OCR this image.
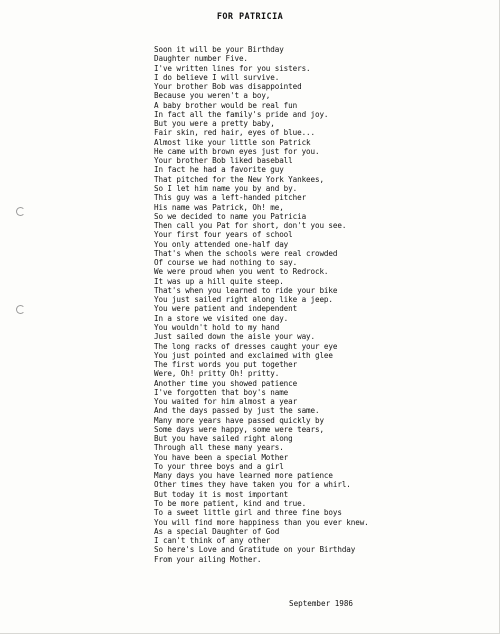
FOR PATRICIA
Soon it will be your Birthday
Daughter number Five.
I've written lines for you sisters.
I do believe I will survive.
Your brother Bob was disappointed
Because you weren't a boy,
A baby brother would be real fun
In fact all the family's pride and joy.
But you were a pretty baby,
Fair skin, red hair, eyes of blue...
Almost like your little son Patrick
He came with brown eyes just for you.
Your brother Bob liked baseball
In fact he had a favorite guy
That pitched for the New York Yankees,
So I let him name you by and by.
This guy was a left-handed pitcher
His name was Patrick, Oh! me,
So we decided to name you Patricia
Then call you Pat for short, don't you see.
Your first four years of school
You only attended one-half day
That's when the schools were real crowded
Of course we had nothing to say.
We were proud when you went to Redrock.
It was up a hill quite steep.
That's when you learned to ride your bike
You just sailed right along like a jeep.
You were patient and independent
In a store we visited one day.
You wouldn't hold to my hand
Just sailed down the aisle your way.
The long racks of dresses caught your eye
You just pointed and exclaimed with glee
The first words you put together
Were, Oh! pritty Oh! pritty.
Another time you showed patience
I've forgotten that boy's name
You waited for him almost a year
And the days passed by just the same.
Many more years have passed quickly by
Some days were happy, some were tears,
But you have sailed right along
Through all these many years.
You have been a special Mother
To your three boys and a girl
Many days you have learned more patience
Other times they have taken you for a whirl.
But today it is most important
To be more patient, kind and true.
To a sweet little girl and three fine boys
You will find more happiness than you ever knew.
As a special Daughter of God
I can't think of any other
So here's Love and Gratitude on your Birthday
From your ailing Mother.
September 1986
